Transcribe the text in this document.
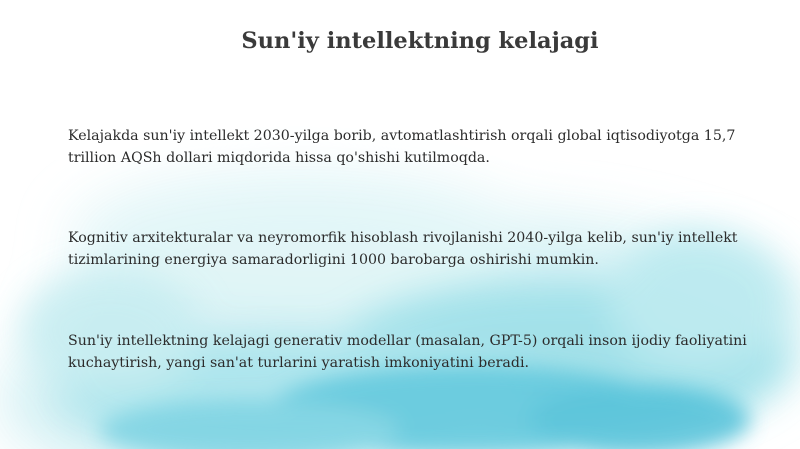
Sun'iy intellektning kelajagi

Kelajakda sun'iy intellekt 2030-yilga borib, avtomatlashtirish orqali global iqtisodiyotga 15,7 trillion AQSh dollari miqdorida hissa qo'shishi kutilmoqda.

Kognitiv arxitekturalar va neyromorfik hisoblash rivojlanishi 2040-yilga kelib, sun'iy intellekt tizimlarining energiya samaradorligini 1000 barobarga oshirishi mumkin.

Sun'iy intellektning kelajagi generativ modellar (masalan, GPT-5) orqali inson ijodiy faoliyatini kuchaytirish, yangi san'at turlarini yaratish imkoniyatini beradi.
